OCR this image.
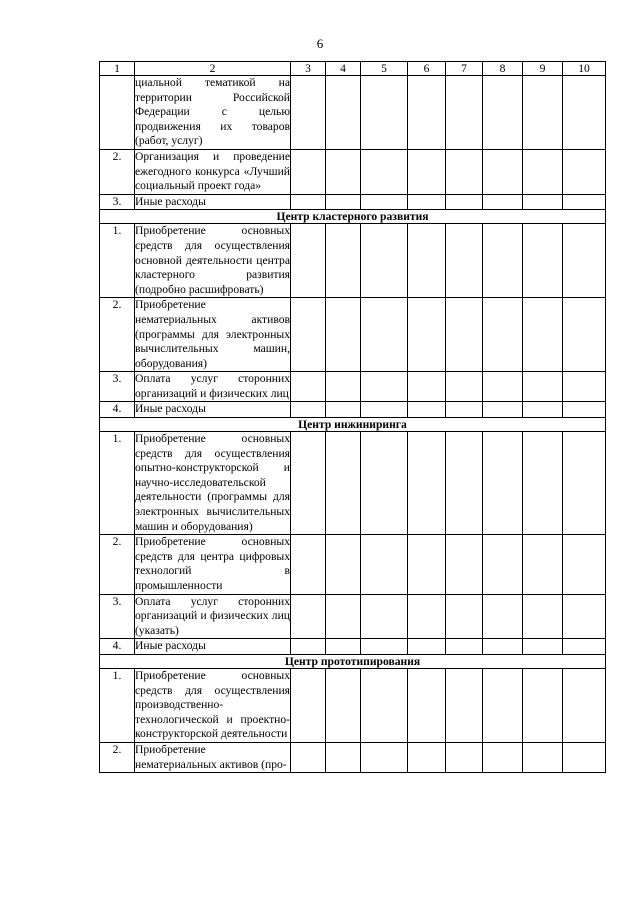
6
1	2	3	4	5	6	7	8	9	10
	циальной тематикой на территории Российской Федерации с целью продвижения их товаров (работ, услуг)								
2.	Организация и проведение ежегодного конкурса «Лучший социальный проект года»								
3.	Иные расходы								
Центр кластерного развития									
1.	Приобретение основных средств для осуществления основной деятельности центра кластерного развития (подробно расшифровать)								
2.	Приобретение нематериальных активов (программы для электронных вычислительных машин, оборудования)								
3.	Оплата услуг сторонних организаций и физических лиц								
4.	Иные расходы								
Центр инжиниринга									
1.	Приобретение основных средств для осуществления опытно-конструкторской и научно-исследовательской деятельности (программы для электронных вычислительных машин и оборудования)								
2.	Приобретение основных средств для центра цифровых технологий в промышленности								
3.	Оплата услуг сторонних организаций и физических лиц (указать)								
4.	Иные расходы								
Центр прототипирования									
1.	Приобретение основных средств для осуществления производственно-технологической и проектно-конструкторской деятельности								
2.	Приобретение нематериальных активов (про-								
